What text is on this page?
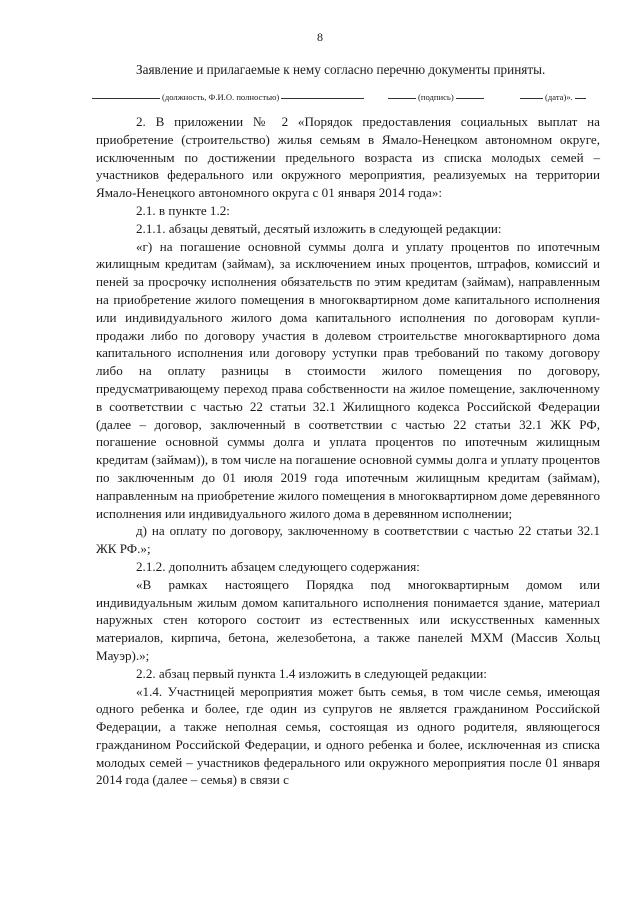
8
Заявление и прилагаемые к нему согласно перечню документы приняты.
(должность, Ф.И.О. полностью)	(подпись)	(дата)».

2. В приложении № 2 «Порядок предоставления социальных выплат на приобретение (строительство) жилья семьям в Ямало-Ненецком автономном округе, исключенным по достижении предельного возраста из списка молодых семей – участников федерального или окружного мероприятия, реализуемых на территории Ямало-Ненецкого автономного округа с 01 января 2014 года»:

2.1. в пункте 1.2:

2.1.1. абзацы девятый, десятый изложить в следующей редакции:

«г) на погашение основной суммы долга и уплату процентов по ипотечным жилищным кредитам (займам), за исключением иных процентов, штрафов, комиссий и пеней за просрочку исполнения обязательств по этим кредитам (займам), направленным на приобретение жилого помещения в многоквартирном доме капитального исполнения или индивидуального жилого дома капитального исполнения по договорам купли-продажи либо по договору участия в долевом строительстве многоквартирного дома капитального исполнения или договору уступки прав требований по такому договору либо на оплату разницы в стоимости жилого помещения по договору, предусматривающему переход права собственности на жилое помещение, заключенному в соответствии с частью 22 статьи 32.1 Жилищного кодекса Российской Федерации (далее – договор, заключенный в соответствии с частью 22 статьи 32.1 ЖК РФ, погашение основной суммы долга и уплата процентов по ипотечным жилищным кредитам (займам)), в том числе на погашение основной суммы долга и уплату процентов по заключенным до 01 июля 2019 года ипотечным жилищным кредитам (займам), направленным на приобретение жилого помещения в многоквартирном доме деревянного исполнения или индивидуального жилого дома в деревянном исполнении;

д) на оплату по договору, заключенному в соответствии с частью 22 статьи 32.1 ЖК РФ.»;

2.1.2. дополнить абзацем следующего содержания:

«В рамках настоящего Порядка под многоквартирным домом или индивидуальным жилым домом капитального исполнения понимается здание, материал наружных стен которого состоит из естественных или искусственных каменных материалов, кирпича, бетона, железобетона, а также панелей МХМ (Массив Хольц Мауэр).»;

2.2. абзац первый пункта 1.4 изложить в следующей редакции:

«1.4. Участницей мероприятия может быть семья, в том числе семья, имеющая одного ребенка и более, где один из супругов не является гражданином Российской Федерации, а также неполная семья, состоящая из одного родителя, являющегося гражданином Российской Федерации, и одного ребенка и более, исключенная из списка молодых семей – участников федерального или окружного мероприятия после 01 января 2014 года (далее – семья) в связи с
